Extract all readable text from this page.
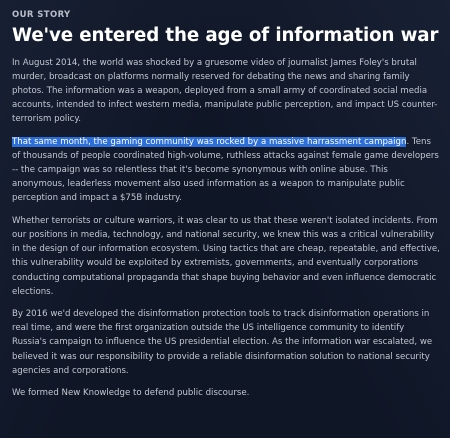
OUR STORY
We've entered the age of information war

In August 2014, the world was shocked by a gruesome video of journalist James Foley's brutal murder, broadcast on platforms normally reserved for debating the news and sharing family photos. The information was a weapon, deployed from a small army of coordinated social media accounts, intended to infect western media, manipulate public perception, and impact US counter-terrorism policy.

That same month, the gaming community was rocked by a massive harrassment campaign. Tens of thousands of people coordinated high-volume, ruthless attacks against female game developers -- the campaign was so relentless that it's become synonymous with online abuse. This anonymous, leaderless movement also used information as a weapon to manipulate public perception and impact a $75B industry.

Whether terrorists or culture warriors, it was clear to us that these weren't isolated incidents. From our positions in media, technology, and national security, we knew this was a critical vulnerability in the design of our information ecosystem. Using tactics that are cheap, repeatable, and effective, this vulnerability would be exploited by extremists, governments, and eventually corporations conducting computational propaganda that shape buying behavior and even influence democratic elections.

By 2016 we'd developed the disinformation protection tools to track disinformation operations in real time, and were the first organization outside the US intelligence community to identify Russia's campaign to influence the US presidential election. As the information war escalated, we believed it was our responsibility to provide a reliable disinformation solution to national security agencies and corporations.

We formed New Knowledge to defend public discourse.
